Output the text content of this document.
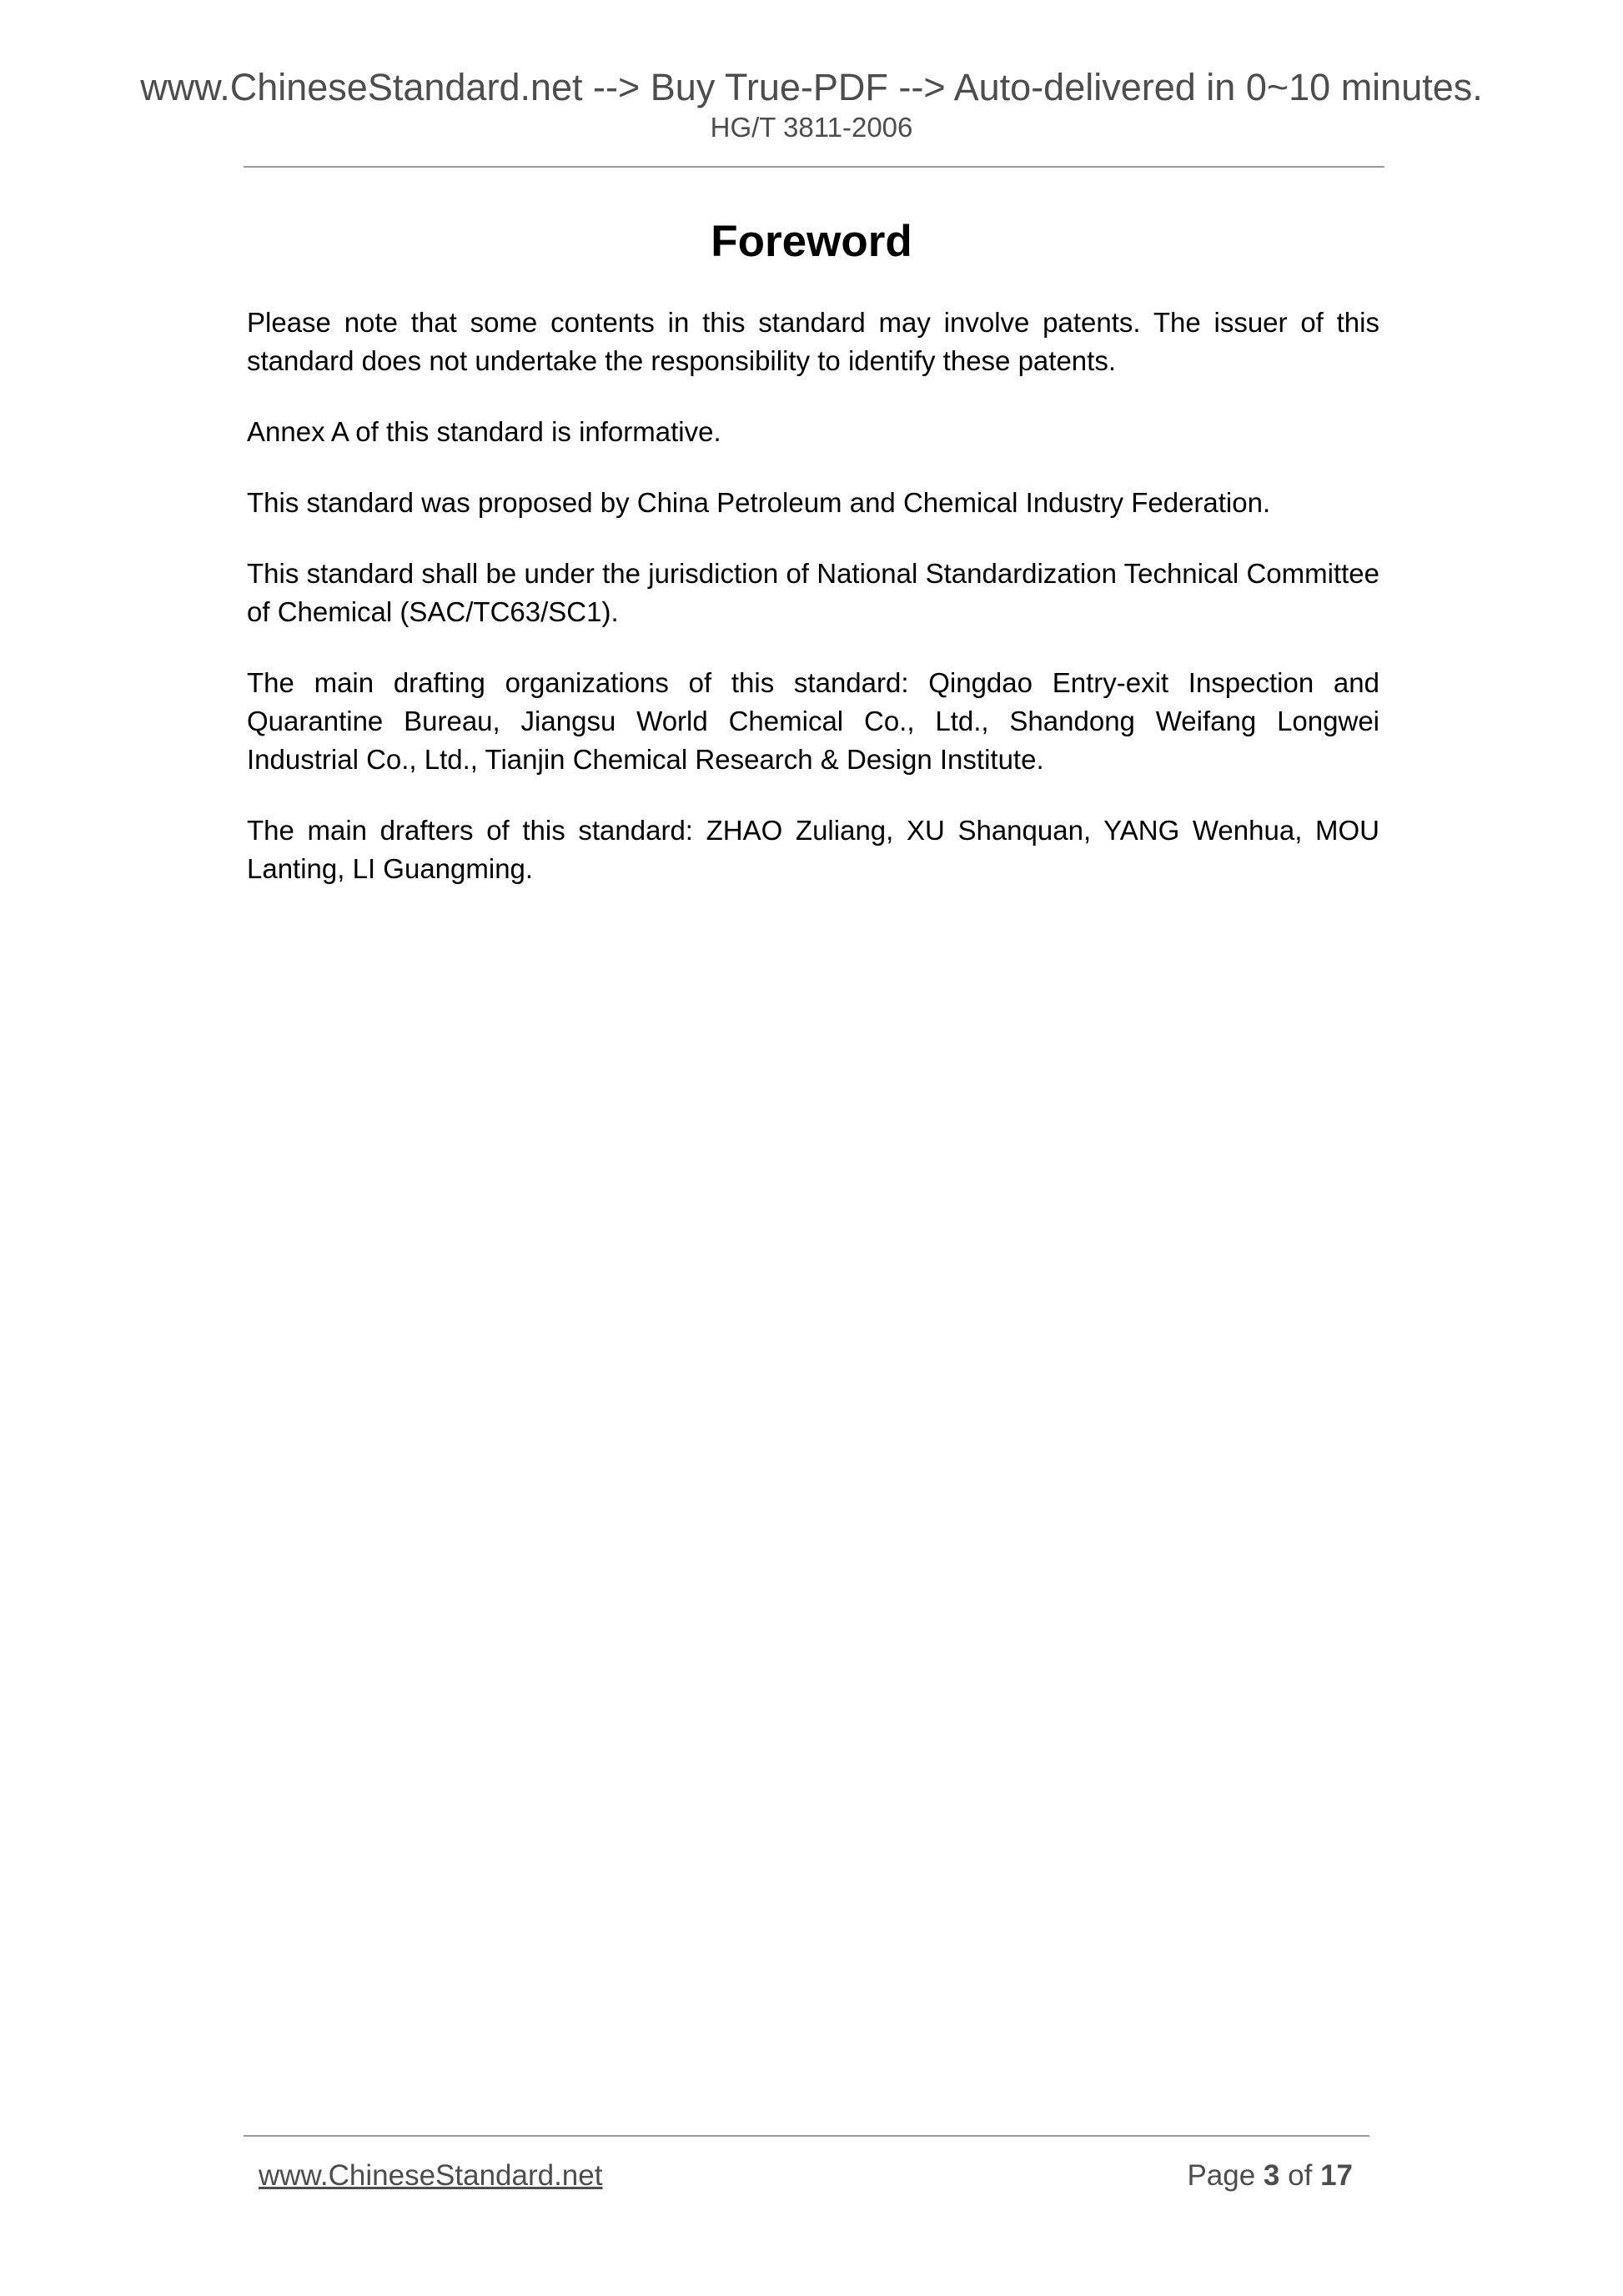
www.ChineseStandard.net --> Buy True-PDF --> Auto-delivered in 0~10 minutes.
HG/T 3811-2006
Foreword

Please note that some contents in this standard may involve patents. The issuer of this standard does not undertake the responsibility to identify these patents.

Annex A of this standard is informative.

This standard was proposed by China Petroleum and Chemical Industry Federation.

This standard shall be under the jurisdiction of National Standardization Technical Committee of Chemical (SAC/TC63/SC1).

The main drafting organizations of this standard: Qingdao Entry-exit Inspection and Quarantine Bureau, Jiangsu World Chemical Co., Ltd., Shandong Weifang Longwei Industrial Co., Ltd., Tianjin Chemical Research & Design Institute.

The main drafters of this standard: ZHAO Zuliang, XU Shanquan, YANG Wenhua, MOU Lanting, LI Guangming.

www.ChineseStandard.net	Page 3 of 17
